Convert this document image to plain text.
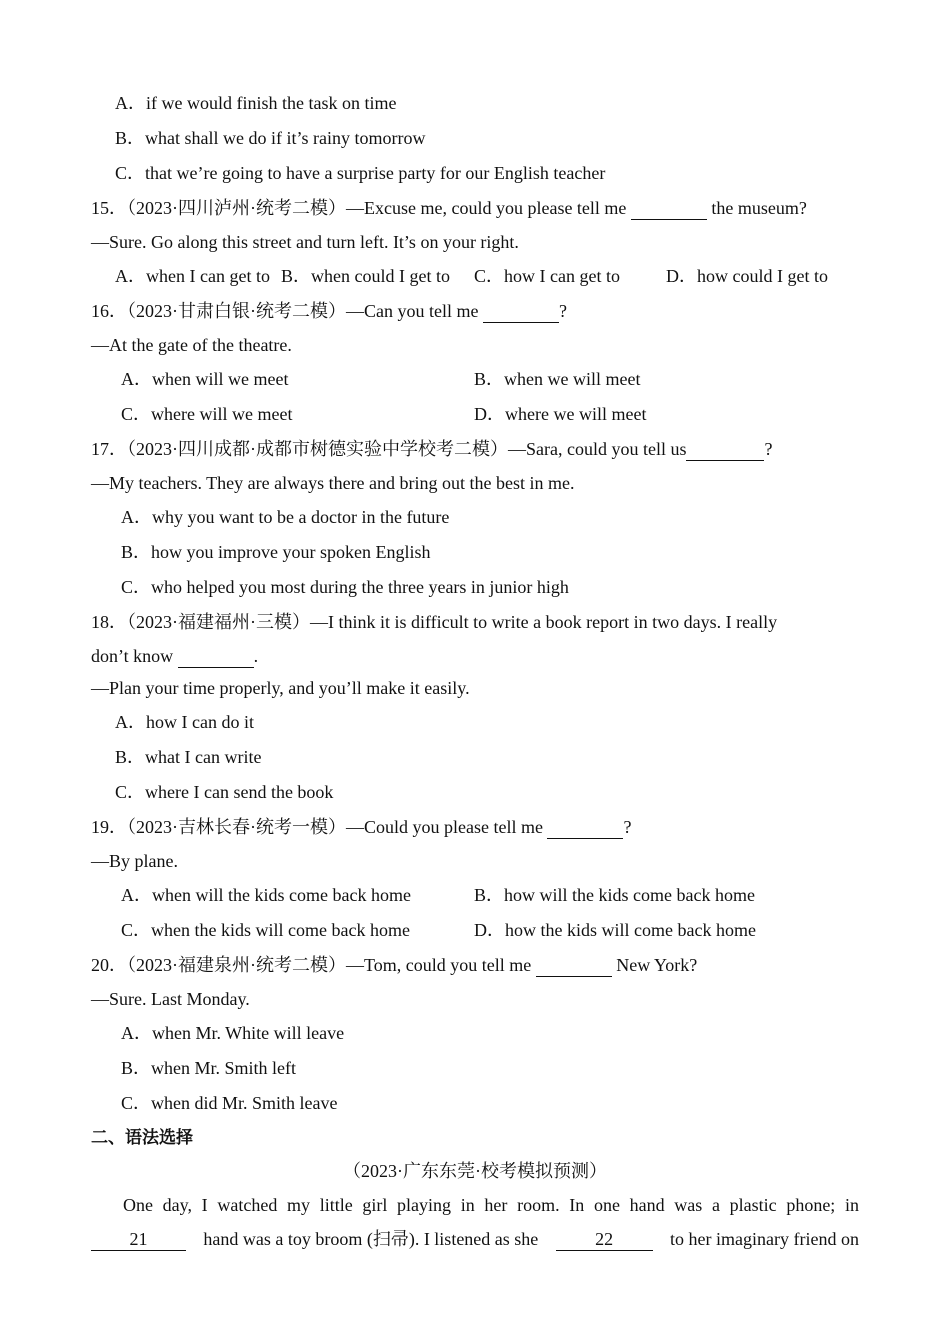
A．if we would finish the task on time
B．what shall we do if it’s rainy tomorrow
C．that we’re going to have a surprise party for our English teacher
15．（2023·四川泸州·统考二模）—Excuse me, could you please tell me	the museum?
—Sure. Go along this street and turn left. It’s on your right.
A．when I can get to B．when could I get to C．how I can get to	D．how could I get to
16．（2023·甘肃白银·统考二模）—Can you tell me	?
—At the gate of the theatre.
A．when will we meet	B．when we will meet
C．where will we meet	D．where we will meet
17．（2023·四川成都·成都市树德实验中学校考二模）—Sara, could you tell us	?
—My teachers. They are always there and bring out the best in me.
A．why you want to be a doctor in the future
B．how you improve your spoken English
C．who helped you most during the three years in junior high
18．（2023·福建福州·三模）—I think it is difficult to write a book report in two days. I really
don’t know	.
—Plan your time properly, and you’ll make it easily.
A．how I can do it
B．what I can write
C．where I can send the book
19．（2023·吉林长春·统考一模）—Could you please tell me	?
—By plane.
A．when will the kids come back home	B．how will the kids come back home
C．when the kids will come back home	D．how the kids will come back home
20．（2023·福建泉州·统考二模）—Tom, could you tell me	New York?
—Sure. Last Monday.
A．when Mr. White will leave
B．when Mr. Smith left
C．when did Mr. Smith leave
二、语法选择
（2023·广东东莞·校考模拟预测）
One day, I watched my little girl playing in her room. In one hand was a plastic phone; in
21	hand was a toy broom (扫帚). I listened as she	22	to her imaginary friend on
